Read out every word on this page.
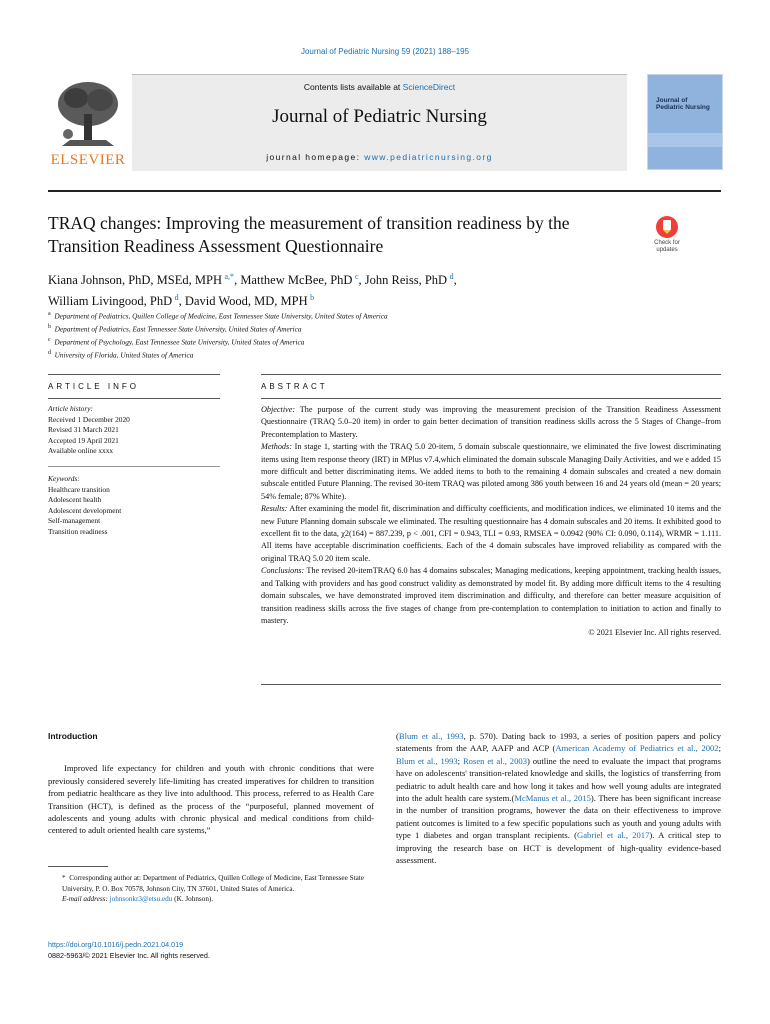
Journal of Pediatric Nursing 59 (2021) 188–195
ELSEVIER
Contents lists available at ScienceDirect
Journal of Pediatric Nursing
journal homepage: www.pediatricnursing.org
Journal of Pediatric Nursing
TRAQ changes: Improving the measurement of transition readiness by the Transition Readiness Assessment Questionnaire	Check for updates
Kiana Johnson, PhD, MSEd, MPH  $^{a,*}$, Matthew McBee, PhD  $^c$, John Reiss, PhD  $^d$,
William Livingood, PhD  $^d$, David Wood, MD, MPH  $^b$
$^a$ Department of Pediatrics, Quillen College of Medicine, East Tennessee State University, United States of America
$^b$ Department of Pediatrics, East Tennessee State University, United States of America
$^c$ Department of Psychology, East Tennessee State University, United States of America
$^d$ University of Florida, United States of America
ARTICLE INFO	ABSTRACT
Article history:
Received 1 December 2020
Revised 31 March 2021
Accepted 19 April 2021
Available online xxxx
Keywords:
Healthcare transition
Adolescent health
Adolescent development
Self-management
Transition readiness

Objective: The purpose of the current study was improving the measurement precision of the Transition Readiness Assessment Questionnaire (TRAQ 5.0–20 item) in order to gain better decimation of transition readiness skills across the 5 Stages of Change–from Precontemplation to Mastery.

Methods: In stage 1, starting with the TRAQ 5.0 20-item, 5 domain subscale questionnaire, we eliminated the five lowest discriminating items using Item response theory (IRT) in MPlus v7.4,which eliminated the domain subscale Managing Daily Activities, and we e added 15 more difficult and better discriminating items. We added items to both to the remaining 4 domain subscales and created a new domain subscale entitled Future Planning. The revised 30-item TRAQ was piloted among 386 youth between 16 and 24 years old (mean = 20 years; 54% female; 87% White).

Results: After examining the model fit, discrimination and difficulty coefficients, and modification indices, we eliminated 10 items and the new Future Planning domain subscale we eliminated. The resulting questionnaire has 4 domain subscales and 20 items. It exhibited good to excellent fit to the data, χ2(164) = 887.239, p < .001, CFI = 0.943, TLI = 0.93, RMSEA = 0.0942 (90% CI: 0.090, 0.114), WRMR = 1.111. All items have acceptable discrimination coefficients. Each of the 4 domain subscales have improved reliability as compared with the original TRAQ 5.0 20 item scale.

Conclusions: The revised 20-itemTRAQ 6.0 has 4 domains subscales; Managing medications, keeping appointment, tracking health issues, and Talking with providers and has good construct validity as demonstrated by model fit. By adding more difficult items to the 4 resulting domain subscales, we have demonstrated improved item discrimination and difficulty, and therefore can better measure acquisition of transition readiness skills across the five stages of change from pre-contemplation to contemplation to initiation to action and finally to mastery.

© 2021 Elsevier Inc. All rights reserved.

Introduction

Improved life expectancy for children and youth with chronic conditions that were previously considered severely life-limiting has created imperatives for children to transition from pediatric healthcare as they live into adulthood. This process, referred to as Health Care Transition (HCT), is defined as the process of the “purposeful, planned movement of adolescents and young adults with chronic physical and medical conditions from child-centered to adult oriented health care systems,”

(Blum et al., 1993, p. 570). Dating back to 1993, a series of position papers and policy statements from the AAP, AAFP and ACP (American Academy of Pediatrics et al., 2002; Blum et al., 1993; Rosen et al., 2003) outline the need to evaluate the impact that programs have on adolescents' transition-related knowledge and skills, the logistics of transferring from pediatric to adult health care and how long it takes and how well young adults are integrated into the adult health care system.(McManus et al., 2015). There has been significant increase in the number of transition programs, however the data on their effectiveness to improve patient outcomes is limited to a few specific populations such as youth and young adults with type 1 diabetes and organ transplant recipients. (Gabriel et al., 2017). A critical step to improving the research base on HCT is development of high-quality evidence-based assessment.

*  Corresponding author at: Department of Pediatrics, Quillen College of Medicine, East Tennessee State University, P. O. Box 70578, Johnson City, TN 37601, United States of America.
E-mail address: johnsonkr3@etsu.edu (K. Johnson).
https://doi.org/10.1016/j.pedn.2021.04.019
0882-5963/© 2021 Elsevier Inc. All rights reserved.
